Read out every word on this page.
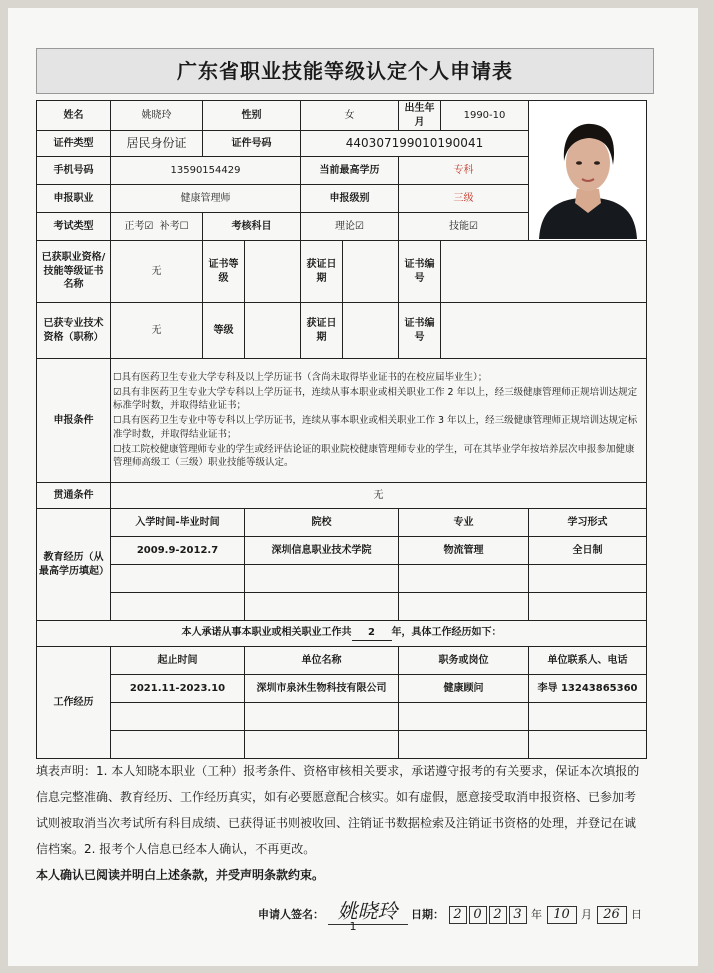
广东省职业技能等级认定个人申请表
姓名	姚晓玲	性别		女		出生年月	1990-10	

证件类型	居民身份证	证件号码		440307199010190041				
手机号码	13590154429			当前最高学历		专科		
申报职业	健康管理师			申报级别		三级		
考试类型	正考☑ 补考☐	考核科目		理论☑		技能☑		

已获职业资格/技能等级证书名称	无	证书等级		获证日期		证书编号		
已获专业技术资格（职称）	无	等级		获证日期		证书编号		
申报条件	☐具有医药卫生专业大学专科及以上学历证书（含尚未取得毕业证书的在校应届毕业生）；

☑具有非医药卫生专业大学专科以上学历证书，连续从事本职业或相关职业工作 2 年以上，经三级健康管理师正规培训达规定标准学时数，并取得结业证书；

☐具有医药卫生专业中等专科以上学历证书，连续从事本职业或相关职业工作 3 年以上，经三级健康管理师正规培训达规定标准学时数，并取得结业证书；

☐技工院校健康管理师专业的学生或经评估论证的职业院校健康管理师专业的学生，可在其毕业学年按培养层次申报参加健康管理师高级工（三级）职业技能等级认定。							

贯通条件	无							
教育经历（从最高学历填起）	入学时间-毕业时间		院校			专业		学习形式
	2009.9-2012.7		深圳信息职业技术学院			物流管理		全日制

本人承诺从事本职业或相关职业工作共 2 年，具体工作经历如下：								
工作经历	起止时间		单位名称			职务或岗位		单位联系人、电话
	2021.11-2023.10		深圳市泉沐生物科技有限公司			健康顾问		李导 13243865360

填表声明：1. 本人知晓本职业（工种）报考条件、资格审核相关要求，承诺遵守报考的有关要求，保证本次填报的信息完整准确、教育经历、工作经历真实，如有必要愿意配合核实。如有虚假，愿意接受取消申报资格、已参加考试则被取消当次考试所有科目成绩、已获得证书则被收回、注销证书数据检索及注销证书资格的处理，并登记在诚信档案。2. 报考个人信息已经本人确认，不再更改。

本人确认已阅读并明白上述条款，并受声明条款约束。

申请人签名： 姚晓玲 日期： 2 0 2 3 年 10 月 26 日
1
